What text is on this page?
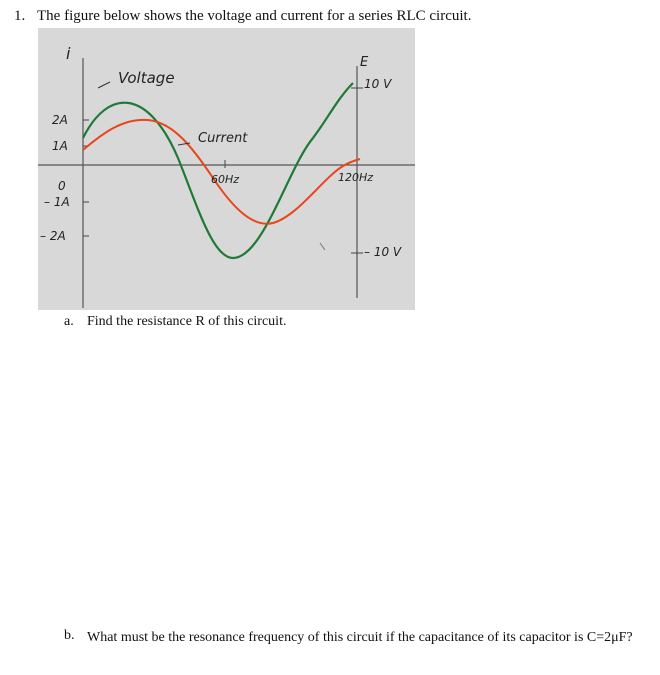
1. The figure below shows the voltage and current for a series RLC circuit.
i
Voltage
Current
E
10 V
– 10 V
2A
1A
0
– 1A
– 2A
60Hz	120Hz
a. Find the resistance R of this circuit.
b. What must be the resonance frequency of this circuit if the capacitance of its capacitor is C=2μF?
